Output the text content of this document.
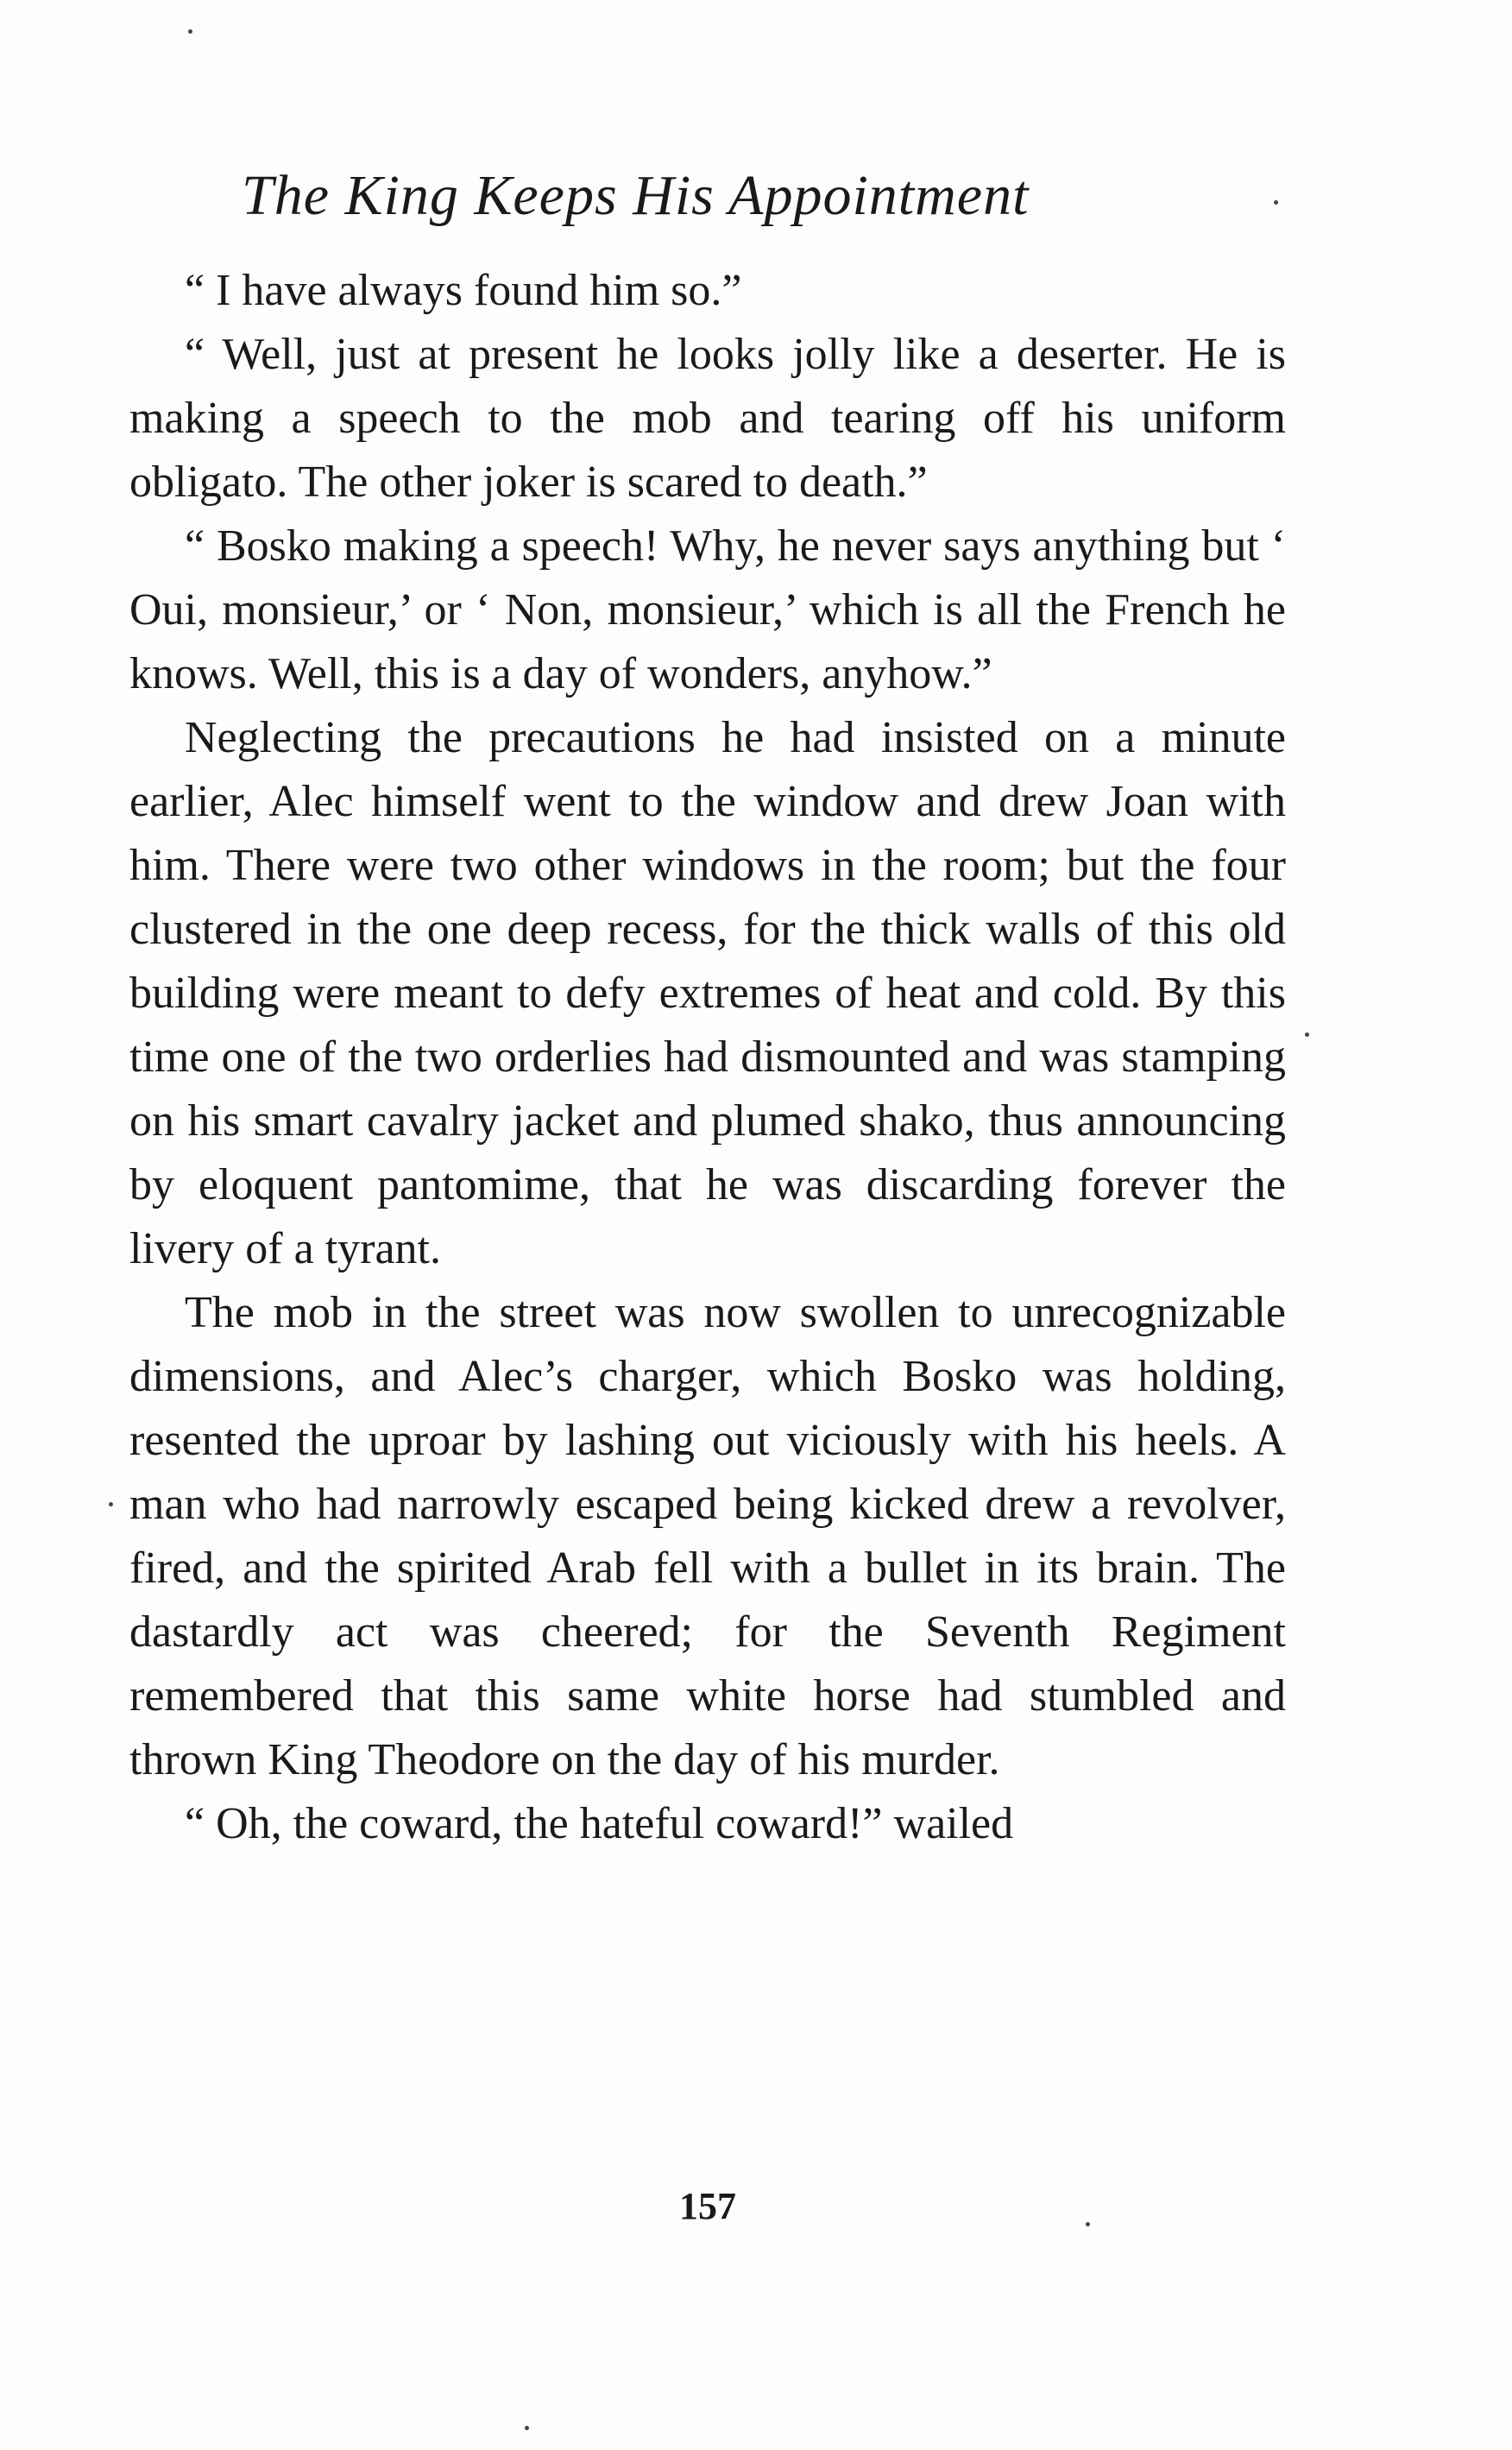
The King Keeps His Appointment

“ I have always found him so.”

“ Well, just at present he looks jolly like a deserter. He is making a speech to the mob and tearing off his uniform obligato. The other joker is scared to death.”

“ Bosko making a speech! Why, he never says anything but ‘ Oui, monsieur,’ or ‘ Non, monsieur,’ which is all the French he knows. Well, this is a day of wonders, anyhow.”

Neglecting the precautions he had insisted on a minute earlier, Alec himself went to the window and drew Joan with him. There were two other windows in the room; but the four clustered in the one deep recess, for the thick walls of this old building were meant to defy extremes of heat and cold. By this time one of the two orderlies had dismounted and was stamping on his smart cavalry jacket and plumed shako, thus announcing by eloquent pantomime, that he was discarding forever the livery of a tyrant.

The mob in the street was now swollen to unrecognizable dimensions, and Alec’s charger, which Bosko was holding, resented the uproar by lashing out viciously with his heels. A man who had narrowly escaped being kicked drew a revolver, fired, and the spirited Arab fell with a bullet in its brain. The dastardly act was cheered; for the Seventh Regiment remembered that this same white horse had stumbled and thrown King Theodore on the day of his murder.

“ Oh, the coward, the hateful coward!” wailed

157
